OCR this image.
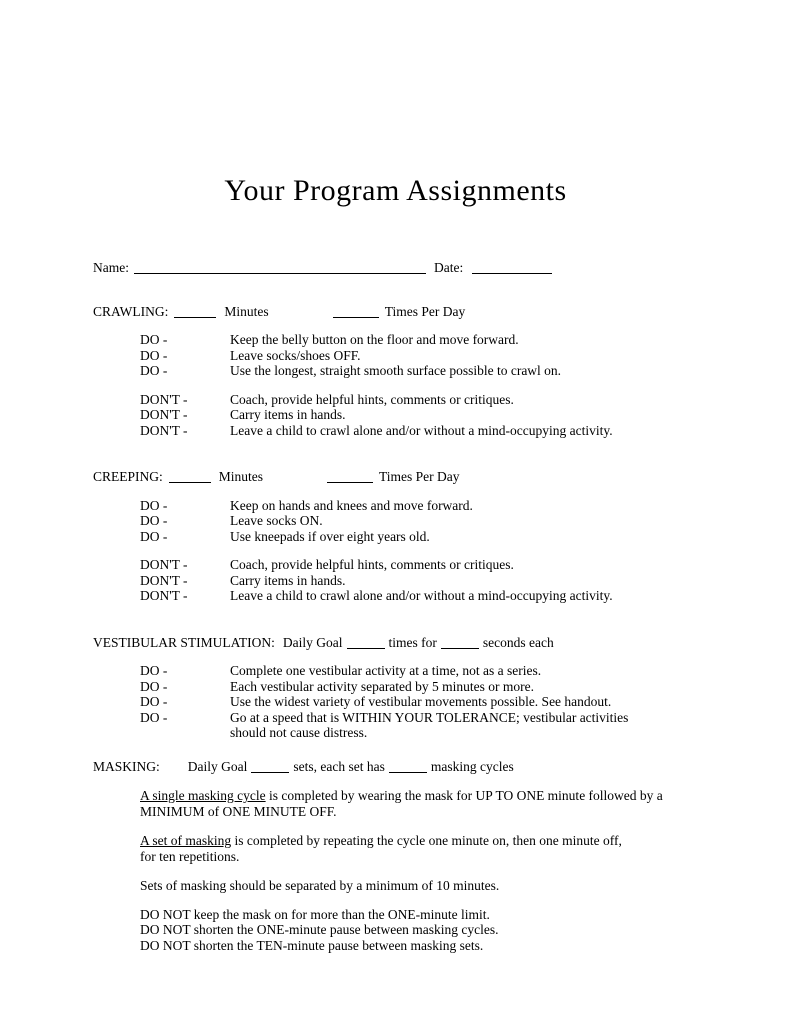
Your Program Assignments
Name:	Date:
CRAWLING:	Minutes	Times Per Day
DO -	Keep the belly button on the floor and move forward.
DO -	Leave socks/shoes OFF.
DO -	Use the longest, straight smooth surface possible to crawl on.
DON'T -	Coach, provide helpful hints, comments or critiques.
DON'T -	Carry items in hands.
DON'T -	Leave a child to crawl alone and/or without a mind-occupying activity.
CREEPING:	Minutes	Times Per Day
DO -	Keep on hands and knees and move forward.
DO -	Leave socks ON.
DO -	Use kneepads if over eight years old.
DON'T -	Coach, provide helpful hints, comments or critiques.
DON'T -	Carry items in hands.
DON'T -	Leave a child to crawl alone and/or without a mind-occupying activity.
VESTIBULAR STIMULATION: Daily Goal	times for	seconds each
DO -	Complete one vestibular activity at a time, not as a series.
DO -	Each vestibular activity separated by 5 minutes or more.
DO -	Use the widest variety of vestibular movements possible. See handout.
DO -	Go at a speed that is WITHIN YOUR TOLERANCE; vestibular activities
should not cause distress.
MASKING: Daily Goal	sets, each set has	masking cycles
A single masking cycle is completed by wearing the mask for UP TO ONE minute followed by a
MINIMUM of ONE MINUTE OFF.
A set of masking is completed by repeating the cycle one minute on, then one minute off,
for ten repetitions.
Sets of masking should be separated by a minimum of 10 minutes.
DO NOT keep the mask on for more than the ONE-minute limit.
DO NOT shorten the ONE-minute pause between masking cycles.
DO NOT shorten the TEN-minute pause between masking sets.
